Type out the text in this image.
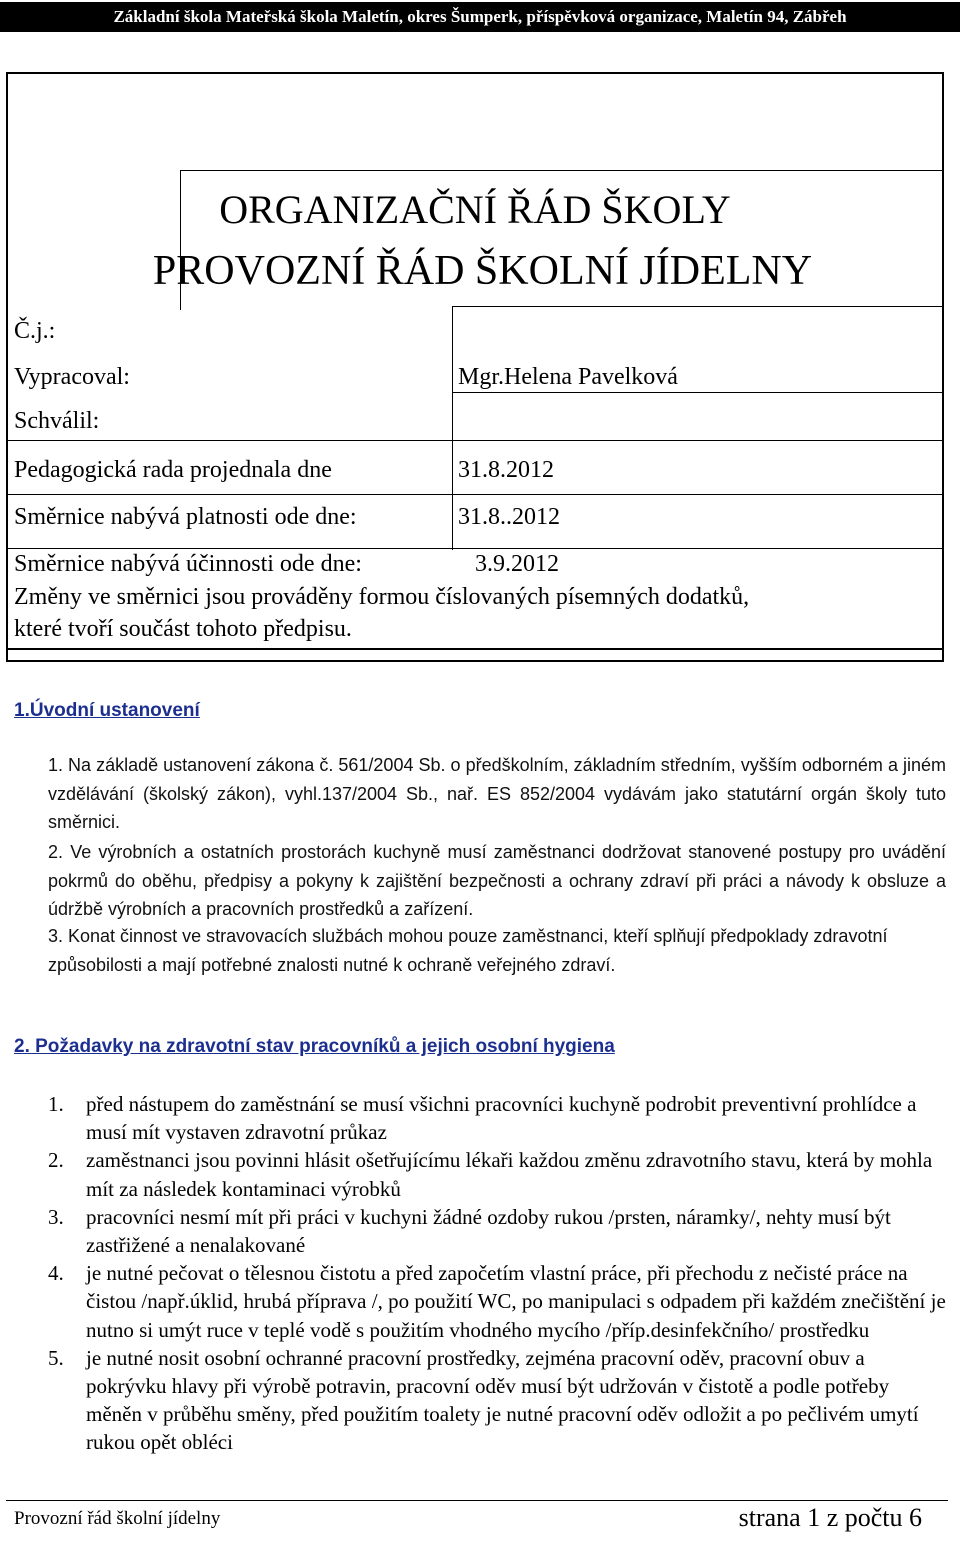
Základní škola Mateřská škola Maletín, okres Šumperk, příspěvková organizace, Maletín 94, Zábřeh
ORGANIZAČNÍ ŘÁD ŠKOLY
PROVOZNÍ ŘÁD ŠKOLNÍ JÍDELNY
Č.j.:
Vypracoval:	Mgr.Helena Pavelková
Schválil:
Pedagogická rada projednala dne	31.8.2012
Směrnice nabývá platnosti ode dne:	31.8..2012
Směrnice nabývá účinnosti ode dne:	3.9.2012
Změny ve směrnici jsou prováděny formou číslovaných písemných dodatků,
které tvoří součást tohoto předpisu.
1.Úvodní ustanovení
1. Na základě ustanovení zákona č. 561/2004 Sb. o předškolním, základním středním, vyšším odborném a jiném vzdělávání (školský zákon), vyhl.137/2004 Sb., nař. ES 852/2004 vydávám jako statutární orgán školy tuto směrnici.
2. Ve výrobních a ostatních prostorách kuchyně musí zaměstnanci dodržovat stanovené postupy pro uvádění pokrmů do oběhu, předpisy a pokyny k zajištění bezpečnosti a ochrany zdraví při práci a návody k obsluze a údržbě výrobních a pracovních prostředků a zařízení.
3. Konat činnost ve stravovacích službách mohou pouze zaměstnanci, kteří splňují předpoklady zdravotní způsobilosti a mají potřebné znalosti nutné k ochraně veřejného zdraví.
2. Požadavky na zdravotní stav pracovníků a jejich osobní hygiena
1. před nástupem do zaměstnání se musí všichni pracovníci kuchyně podrobit preventivní prohlídce a musí mít vystaven zdravotní průkaz
2. zaměstnanci jsou povinni hlásit ošetřujícímu lékaři každou změnu zdravotního stavu, která by mohla mít za následek kontaminaci výrobků
3. pracovníci nesmí mít při práci v kuchyni žádné ozdoby rukou /prsten, náramky/, nehty musí být zastřižené a nenalakované
4. je nutné pečovat o tělesnou čistotu a před započetím vlastní práce, při přechodu z nečisté práce na čistou /např.úklid, hrubá příprava /, po použití WC, po manipulaci s odpadem při každém znečištění je nutno si umýt ruce v teplé vodě s použitím vhodného mycího /příp.desinfekčního/ prostředku
5. je nutné nosit osobní ochranné pracovní prostředky, zejména pracovní oděv, pracovní obuv a pokrývku hlavy při výrobě potravin, pracovní oděv musí být udržován v čistotě a podle potřeby měněn v průběhu směny, před použitím toalety je nutné pracovní oděv odložit a po pečlivém umytí rukou opět obléci
Provozní řád školní jídelny	strana 1 z počtu 6
